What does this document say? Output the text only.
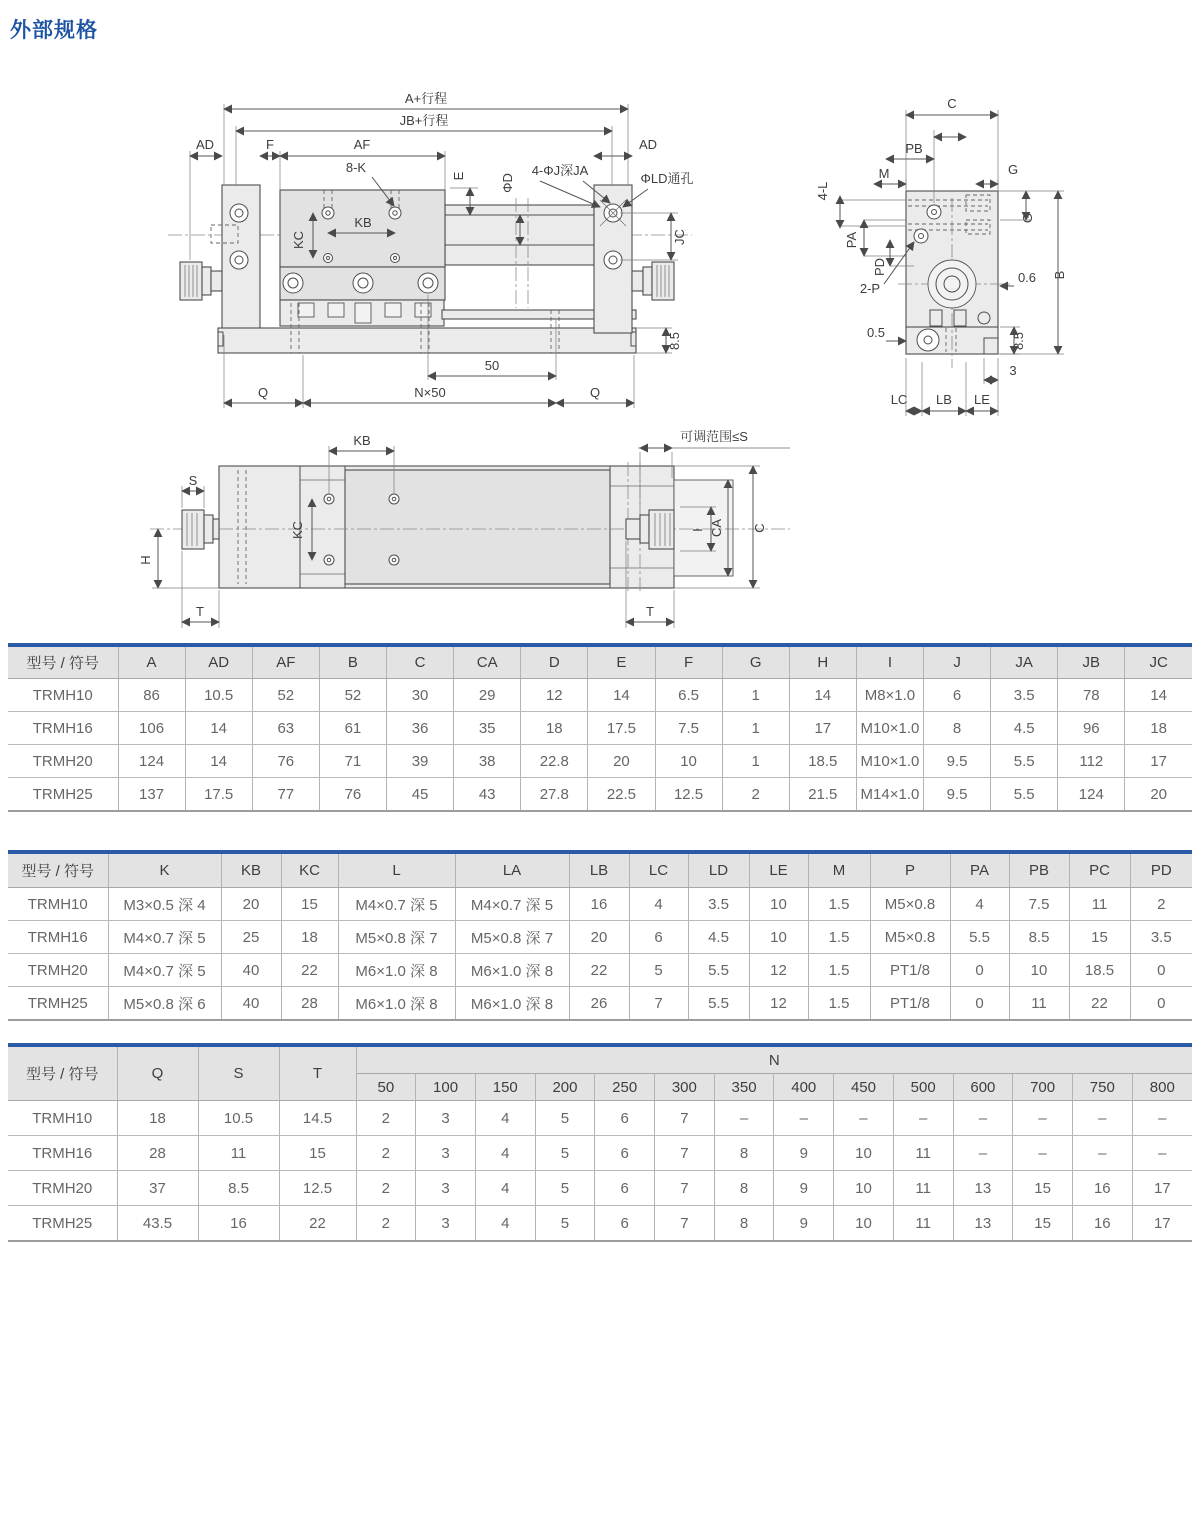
外部规格
KB
KC
A+行程
JB+行程
AD	F	AF	AD
8-K
E	ΦD
4-ΦJ深JA
ΦLD通孔
JC
8.5
50
Q	N×50	Q
C
PB
M	G
4-L
PA
PD
2-P
0.6
G
B
0.5	8.5
3
LC LB LE
KB
KC
S
H
T	T
可调范围≤S
CA C
I
型号 / 符号	A	AD	AF	B	C	CA	D	E	F	G	H	I	J	JA	JB	JC
TRMH10	86	10.5	52	52	30	29	12	14	6.5	1	14	M8×1.0	6	3.5	78	14
TRMH16	106	14	63	61	36	35	18	17.5	7.5	1	17	M10×1.0	8	4.5	96	18
TRMH20	124	14	76	71	39	38	22.8	20	10	1	18.5	M10×1.0	9.5	5.5	112	17
TRMH25	137	17.5	77	76	45	43	27.8	22.5	12.5	2	21.5	M14×1.0	9.5	5.5	124	20
型号 / 符号	K	KB	KC	L	LA	LB	LC	LD	LE	M	P	PA	PB	PC	PD
TRMH10	M3×0.5 深 4	20	15	M4×0.7 深 5	M4×0.7 深 5	16	4	3.5	10	1.5	M5×0.8	4	7.5	11	2
TRMH16	M4×0.7 深 5	25	18	M5×0.8 深 7	M5×0.8 深 7	20	6	4.5	10	1.5	M5×0.8	5.5	8.5	15	3.5
TRMH20	M4×0.7 深 5	40	22	M6×1.0 深 8	M6×1.0 深 8	22	5	5.5	12	1.5	PT1/8	0	10	18.5	0
TRMH25	M5×0.8 深 6	40	28	M6×1.0 深 8	M6×1.0 深 8	26	7	5.5	12	1.5	PT1/8	0	11	22	0
型号 / 符号	Q	S	T	N													
				50	100	150	200	250	300	350	400	450	500	600	700	750	800
TRMH10	18	10.5	14.5	2	3	4	5	6	7	–	–	–	–	–	–	–	–
TRMH16	28	11	15	2	3	4	5	6	7	8	9	10	11	–	–	–	–
TRMH20	37	8.5	12.5	2	3	4	5	6	7	8	9	10	11	13	15	16	17
TRMH25	43.5	16	22	2	3	4	5	6	7	8	9	10	11	13	15	16	17
